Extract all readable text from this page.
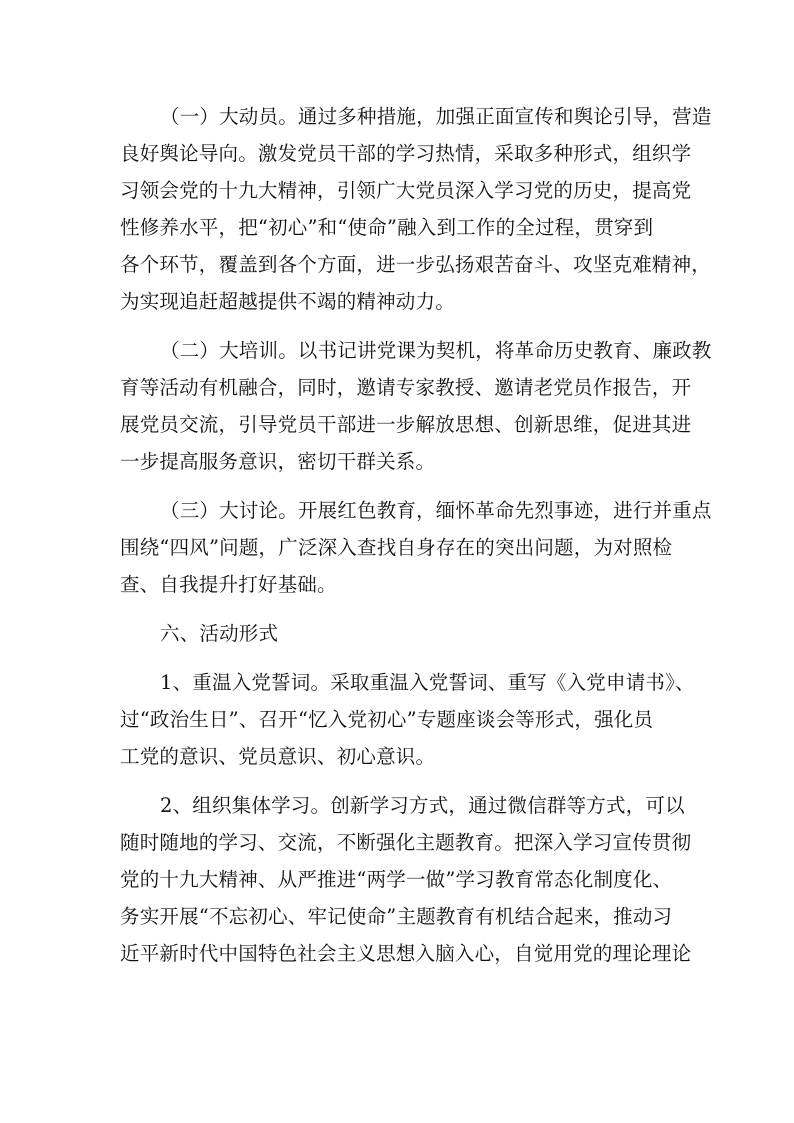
（一）大动员。通过多种措施，加强正面宣传和舆论引导，营造
良好舆论导向。激发党员干部的学习热情，采取多种形式，组织学
习领会党的十九大精神，引领广大党员深入学习党的历史，提高党
性修养水平，把“初心”和“使命”融入到工作的全过程，贯穿到
各个环节，覆盖到各个方面，进一步弘扬艰苦奋斗、攻坚克难精神，
为实现追赶超越提供不竭的精神动力。
（二）大培训。以书记讲党课为契机，将革命历史教育、廉政教
育等活动有机融合，同时，邀请专家教授、邀请老党员作报告，开
展党员交流，引导党员干部进一步解放思想、创新思维，促进其进
一步提高服务意识，密切干群关系。
（三）大讨论。开展红色教育，缅怀革命先烈事迹，进行并重点
围绕“四风”问题，广泛深入查找自身存在的突出问题，为对照检
查、自我提升打好基础。
六、活动形式
1、重温入党誓词。采取重温入党誓词、重写《入党申请书》、
过“政治生日”、召开“忆入党初心”专题座谈会等形式，强化员
工党的意识、党员意识、初心意识。
2、组织集体学习。创新学习方式，通过微信群等方式，可以
随时随地的学习、交流，不断强化主题教育。把深入学习宣传贯彻
党的十九大精神、从严推进“两学一做”学习教育常态化制度化、
务实开展“不忘初心、牢记使命”主题教育有机结合起来，推动习
近平新时代中国特色社会主义思想入脑入心，自觉用党的理论理论
